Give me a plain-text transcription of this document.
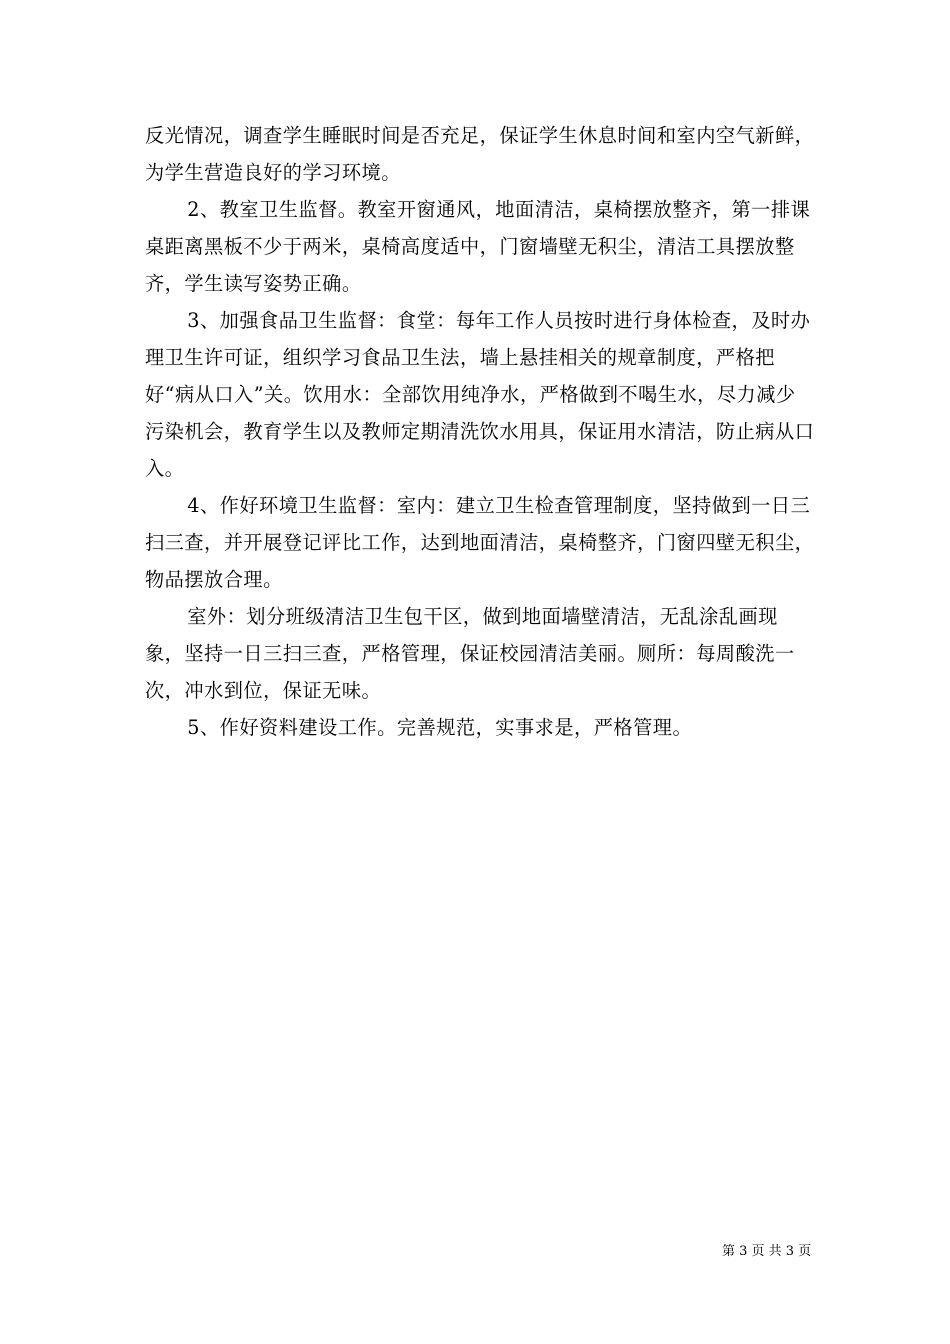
反光情况，调查学生睡眠时间是否充足，保证学生休息时间和室内空气新鲜，为学生营造良好的学习环境。

2、教室卫生监督。教室开窗通风，地面清洁，桌椅摆放整齐，第一排课桌距离黑板不少于两米，桌椅高度适中，门窗墙壁无积尘，清洁工具摆放整齐，学生读写姿势正确。

3、加强食品卫生监督：食堂：每年工作人员按时进行身体检查，及时办理卫生许可证，组织学习食品卫生法，墙上悬挂相关的规章制度，严格把好“病从口入”关。饮用水：全部饮用纯净水，严格做到不喝生水，尽力减少污染机会，教育学生以及教师定期清洗饮水用具，保证用水清洁，防止病从口入。

4、作好环境卫生监督：室内：建立卫生检查管理制度，坚持做到一日三扫三查，并开展登记评比工作，达到地面清洁，桌椅整齐，门窗四壁无积尘，物品摆放合理。

室外：划分班级清洁卫生包干区，做到地面墙壁清洁，无乱涂乱画现象，坚持一日三扫三查，严格管理，保证校园清洁美丽。厕所：每周酸洗一次，冲水到位，保证无味。

5、作好资料建设工作。完善规范，实事求是，严格管理。

第 3 页 共 3 页
